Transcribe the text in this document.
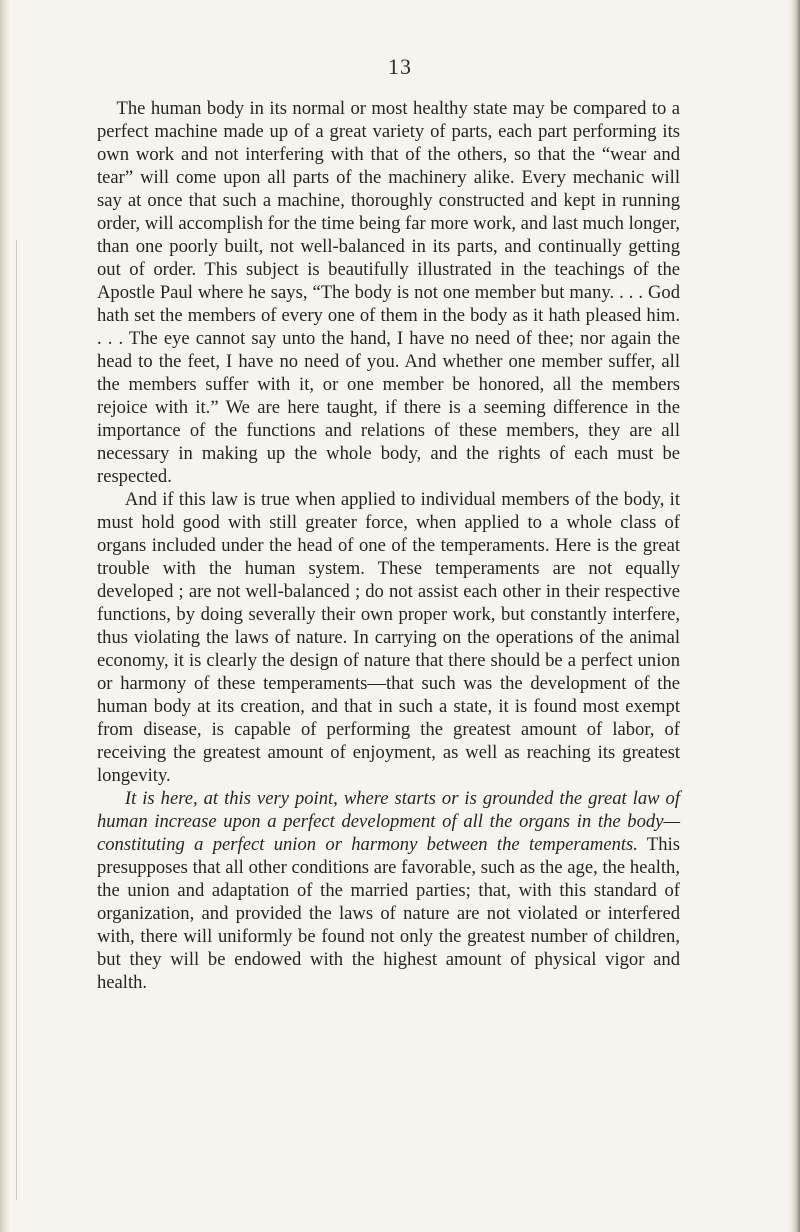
13

The human body in its normal or most healthy state may be compared to a perfect machine made up of a great variety of parts, each part performing its own work and not interfering with that of the others, so that the “wear and tear” will come upon all parts of the machinery alike. Every mechanic will say at once that such a machine, thoroughly constructed and kept in running order, will accomplish for the time being far more work, and last much longer, than one poorly built, not well-balanced in its parts, and continually getting out of order. This subject is beautifully illustrated in the teachings of the Apostle Paul where he says, “The body is not one member but many. . . . God hath set the members of every one of them in the body as it hath pleased him. . . . The eye cannot say unto the hand, I have no need of thee; nor again the head to the feet, I have no need of you. And whether one member suffer, all the members suffer with it, or one member be honored, all the members rejoice with it.” We are here taught, if there is a seeming difference in the importance of the functions and relations of these members, they are all necessary in making up the whole body, and the rights of each must be respected.

And if this law is true when applied to individual members of the body, it must hold good with still greater force, when applied to a whole class of organs included under the head of one of the temperaments. Here is the great trouble with the human system. These temperaments are not equally developed ; are not well-balanced ; do not assist each other in their respective functions, by doing severally their own proper work, but constantly interfere, thus violating the laws of nature. In carrying on the operations of the animal economy, it is clearly the design of nature that there should be a perfect union or harmony of these temperaments—that such was the development of the human body at its creation, and that in such a state, it is found most exempt from disease, is capable of performing the greatest amount of labor, of receiving the greatest amount of enjoyment, as well as reaching its greatest longevity.

It is here, at this very point, where starts or is grounded the great law of human increase upon a perfect development of all the organs in the body—constituting a perfect union or harmony between the temperaments. This presupposes that all other conditions are favorable, such as the age, the health, the union and adaptation of the married parties; that, with this standard of organization, and provided the laws of nature are not violated or interfered with, there will uniformly be found not only the greatest number of children, but they will be endowed with the highest amount of physical vigor and health.
